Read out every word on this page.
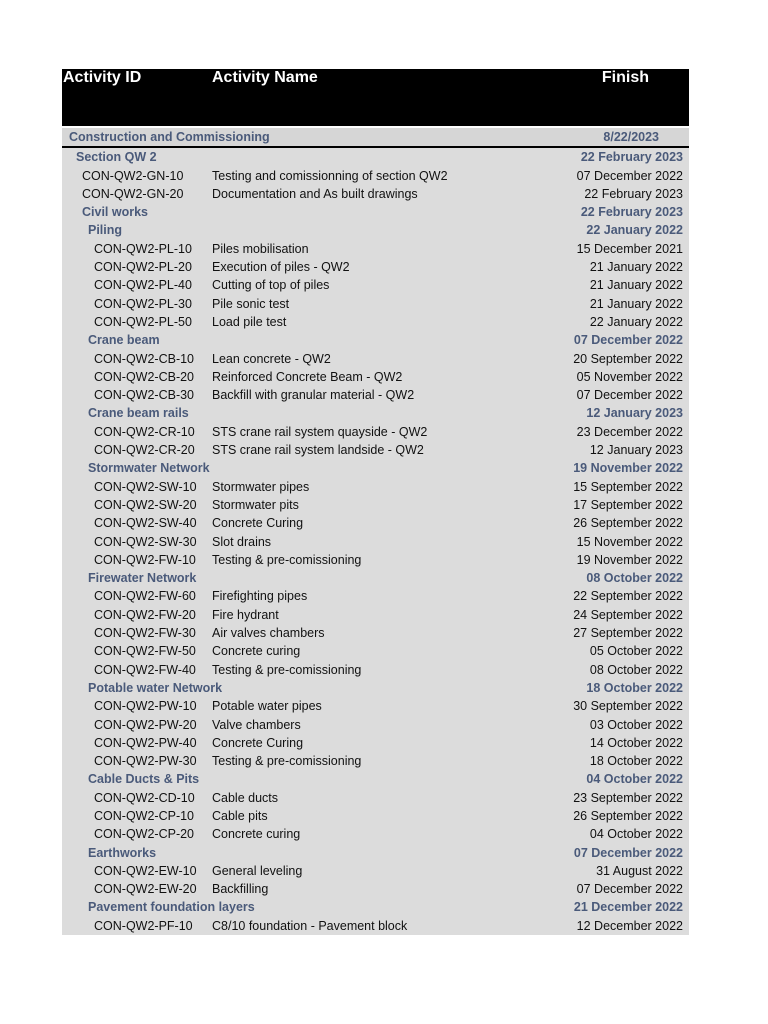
Activity ID	Activity Name	Finish
Construction and Commissioning	8/22/2023
Section QW 2	22 February 2023
CON-QW2-GN-10 Testing and comissionning of section QW2	07 December 2022
CON-QW2-GN-20 Documentation and As built drawings	22 February 2023
Civil works	22 February 2023
Piling	22 January 2022
CON-QW2-PL-10 Piles mobilisation	15 December 2021
CON-QW2-PL-20 Execution of piles - QW2	21 January 2022
CON-QW2-PL-40 Cutting of top of piles	21 January 2022
CON-QW2-PL-30 Pile sonic test	21 January 2022
CON-QW2-PL-50 Load pile test	22 January 2022
Crane beam	07 December 2022
CON-QW2-CB-10 Lean concrete - QW2	20 September 2022
CON-QW2-CB-20 Reinforced Concrete Beam - QW2	05 November 2022
CON-QW2-CB-30 Backfill with granular material - QW2	07 December 2022
Crane beam rails	12 January 2023
CON-QW2-CR-10 STS crane rail system quayside - QW2	23 December 2022
CON-QW2-CR-20 STS crane rail system landside - QW2	12 January 2023
Stormwater Network	19 November 2022
CON-QW2-SW-10 Stormwater pipes	15 September 2022
CON-QW2-SW-20 Stormwater pits	17 September 2022
CON-QW2-SW-40 Concrete Curing	26 September 2022
CON-QW2-SW-30 Slot drains	15 November 2022
CON-QW2-FW-10 Testing & pre-comissioning	19 November 2022
Firewater Network	08 October 2022
CON-QW2-FW-60 Firefighting pipes	22 September 2022
CON-QW2-FW-20 Fire hydrant	24 September 2022
CON-QW2-FW-30 Air valves chambers	27 September 2022
CON-QW2-FW-50 Concrete curing	05 October 2022
CON-QW2-FW-40 Testing & pre-comissioning	08 October 2022
Potable water Network	18 October 2022
CON-QW2-PW-10 Potable water pipes	30 September 2022
CON-QW2-PW-20 Valve chambers	03 October 2022
CON-QW2-PW-40 Concrete Curing	14 October 2022
CON-QW2-PW-30 Testing & pre-comissioning	18 October 2022
Cable Ducts & Pits	04 October 2022
CON-QW2-CD-10 Cable ducts	23 September 2022
CON-QW2-CP-10 Cable pits	26 September 2022
CON-QW2-CP-20 Concrete curing	04 October 2022
Earthworks	07 December 2022
CON-QW2-EW-10 General leveling	31 August 2022
CON-QW2-EW-20 Backfilling	07 December 2022
Pavement foundation layers	21 December 2022
CON-QW2-PF-10 C8/10 foundation - Pavement block	12 December 2022
